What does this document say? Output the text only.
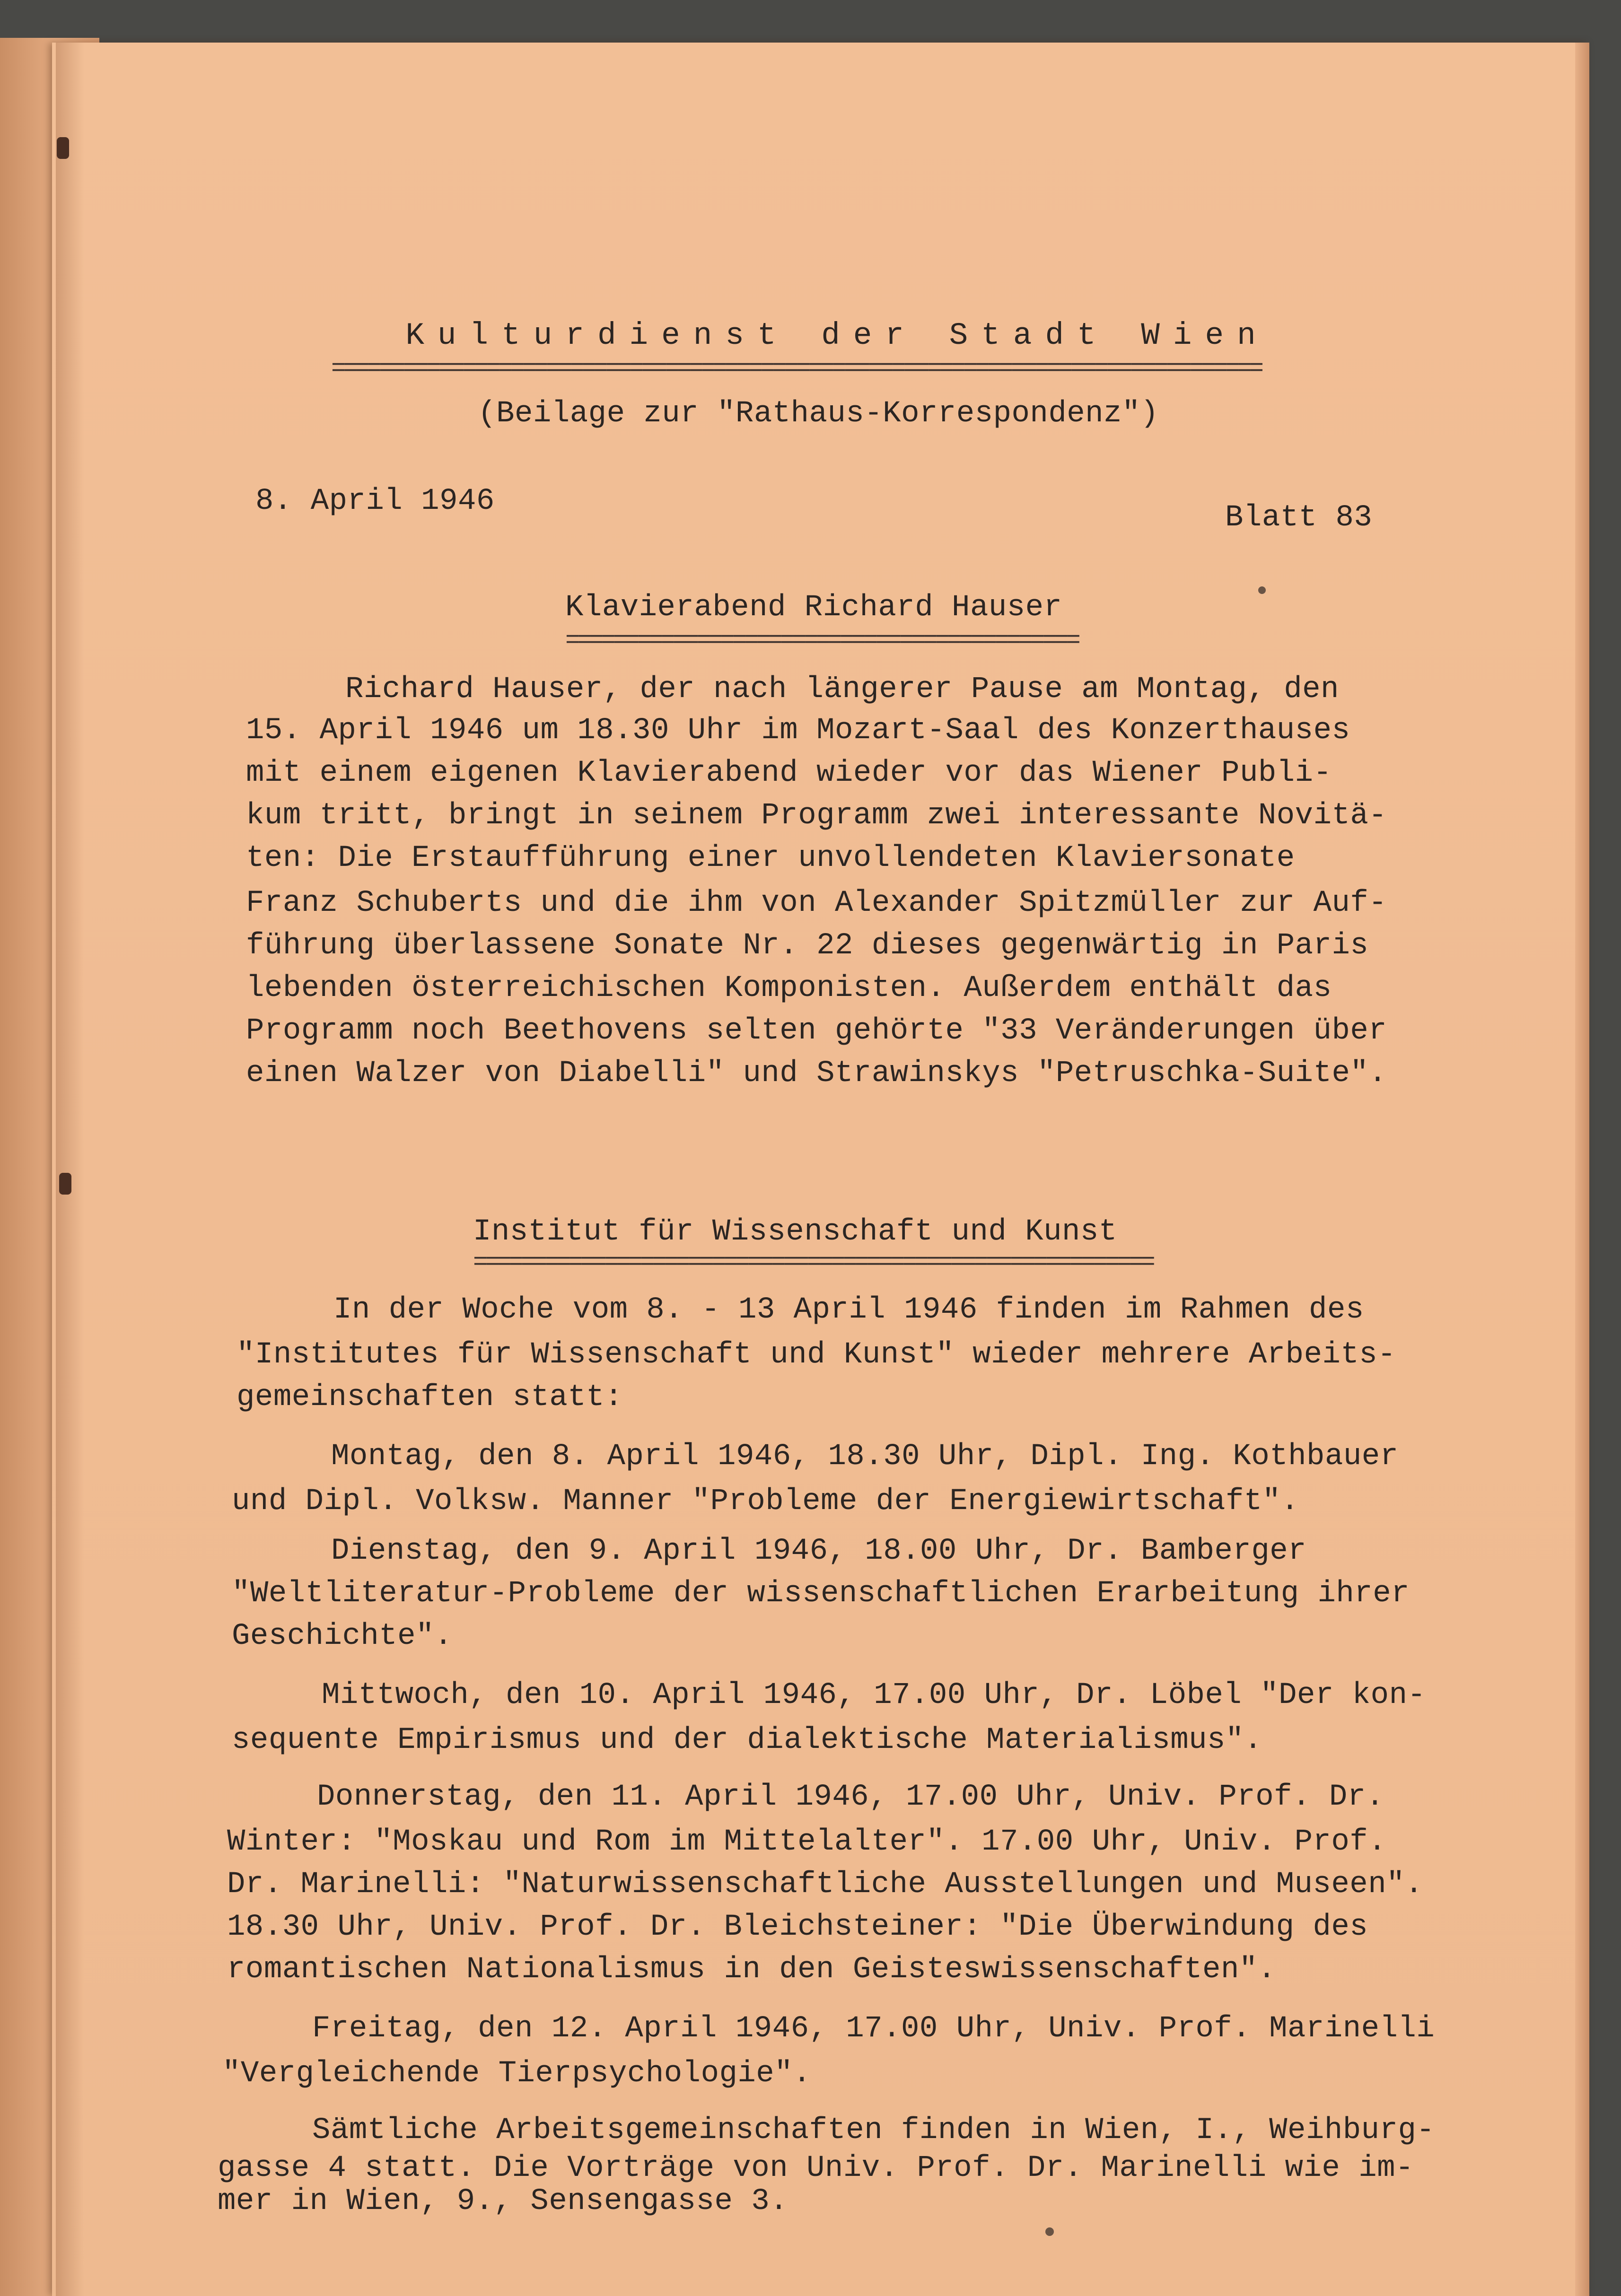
Kulturdienst der Stadt Wien
==============================================================================
(Beilage zur "Rathaus-Korrespondenz")
8. April 1946	Blatt 83
Klavierabend Richard Hauser
===========================================
Richard Hauser, der nach längerer Pause am Montag, den
15. April 1946 um 18.30 Uhr im Mozart-Saal des Konzerthauses
mit einem eigenen Klavierabend wieder vor das Wiener Publi-
kum tritt, bringt in seinem Programm zwei interessante Novitä-
ten: Die Erstaufführung einer unvollendeten Klaviersonate
Franz Schuberts und die ihm von Alexander Spitzmüller zur Auf-
führung überlassene Sonate Nr. 22 dieses gegenwärtig in Paris
lebenden österreichischen Komponisten. Außerdem enthält das
Programm noch Beethovens selten gehörte "33 Veränderungen über
einen Walzer von Diabelli" und Strawinskys "Petruschka-Suite".
Institut für Wissenschaft und Kunst
=========================================================
In der Woche vom 8. - 13 April 1946 finden im Rahmen des
"Institutes für Wissenschaft und Kunst" wieder mehrere Arbeits-
gemeinschaften statt:
Montag, den 8. April 1946, 18.30 Uhr, Dipl. Ing. Kothbauer
und Dipl. Volksw. Manner "Probleme der Energiewirtschaft".
Dienstag, den 9. April 1946, 18.00 Uhr, Dr. Bamberger
"Weltliteratur-Probleme der wissenschaftlichen Erarbeitung ihrer
Geschichte".
Mittwoch, den 10. April 1946, 17.00 Uhr, Dr. Löbel "Der kon-
sequente Empirismus und der dialektische Materialismus".
Donnerstag, den 11. April 1946, 17.00 Uhr, Univ. Prof. Dr.
Winter: "Moskau und Rom im Mittelalter". 17.00 Uhr, Univ. Prof.
Dr. Marinelli: "Naturwissenschaftliche Ausstellungen und Museen".
18.30 Uhr, Univ. Prof. Dr. Bleichsteiner: "Die Überwindung des
romantischen Nationalismus in den Geisteswissenschaften".
Freitag, den 12. April 1946, 17.00 Uhr, Univ. Prof. Marinelli
"Vergleichende Tierpsychologie".
Sämtliche Arbeitsgemeinschaften finden in Wien, I., Weihburg-
gasse 4 statt. Die Vorträge von Univ. Prof. Dr. Marinelli wie im-
mer in Wien, 9., Sensengasse 3.
